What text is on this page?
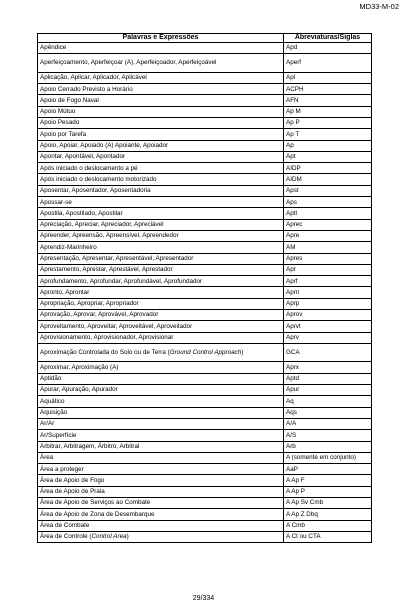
MD33-M-02
Palavras e Expressões	Abreviaturas/Siglas
Apêndice	Apd
Aperfeiçoamento, Aperfeiçoar (A), Aperfeiçoador, Aperfeiçoável	Aperf
Aplicação, Aplicar, Aplicador, Aplicável	Apl
Apoio Cerrado Previsto a Horário	ACPH
Apoio de Fogo Naval	AFN
Apoio Mútuo	Ap M
Apoio Pesado	Ap P
Apoio por Tarefa	Ap T
Apoio, Apoiar, Apoiado (A) Apoiante, Apoiador	Ap
Apontar, Apontável, Apontador	Apt
Após iniciado o deslocamento a pé	AIDP
Após iniciado o deslocamento motorizado	AIDM
Aposentar, Aposentador, Aposentadoria	Apst
Apossar-se	Aps
Apostila, Apostilado, Apostilar	Aptl
Apreciação, Apreciar, Apreciador, Apreciável	Aprec
Apreender, Apreensão, Apreensível, Apreendedor	Apre
Aprendiz-Marinheiro	AM
Apresentação, Apresentar, Apresentável, Apresentador	Apres
Aprestamento, Aprestar, Aprestável, Aprestador	Apr
Aprofundamento, Aprofundar, Aprofundável, Aprofundador	Aprf
Apronto, Aprontar	Aprn
Apropriação, Apropriar, Apropriador	Aprp
Aprovação, Aprovar, Aprovável, Aprovador	Aprov
Aproveitamento, Aproveitar, Aproveitável, Aproveitador	Aprvt
Aprovisionamento, Aprovisionador, Aprovisionar	Aprv
Aproximação Controlada do Solo ou de Terra (Ground Control Approach)	GCA
Aproximar, Aproximação (A)	Aprx
Aptidão	Aptd
Apurar, Apuração, Apurador	Apur
Aquático	Aq
Aquisição	Aqs
Ar/Ar	A/A
Ar/Superfície	A/S
Arbitrar, Arbitragem, Árbitro, Arbitral	Arb
Área	A (somente em conjunto)
Área a proteger	AaP
Área de Apoio de Fogo	A Ap F
Área de Apoio de Praia	A Ap P
Área de Apoio de Serviços ao Combate	A Ap Sv Cmb
Área de Apoio de Zona de Desembarque	A Ap Z Dbq
Área de Combate	A Cmb
Área de Controle (Control Area)	A Ct ou CTA
29/334
